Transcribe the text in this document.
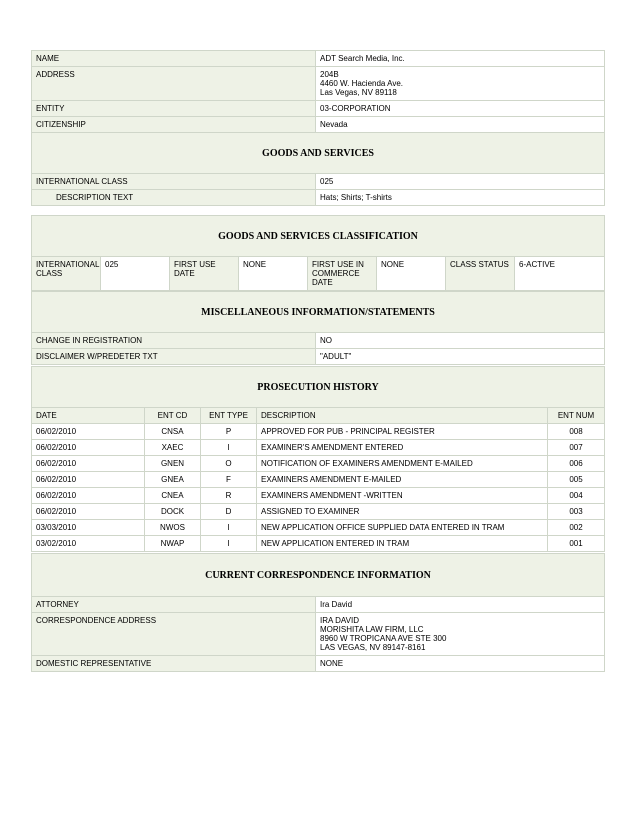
NAME	ADT Search Media, Inc.
ADDRESS	204B
4460 W. Hacienda Ave.
Las Vegas, NV 89118

ENTITY	03-CORPORATION
CITIZENSHIP	Nevada
GOODS AND SERVICES	
INTERNATIONAL CLASS	025
DESCRIPTION TEXT	Hats; Shirts; T-shirts
GOODS AND SERVICES CLASSIFICATION
INTERNATIONAL CLASS	025	FIRST USE DATE	NONE	FIRST USE IN COMMERCE DATE	NONE	CLASS STATUS	6-ACTIVE
MISCELLANEOUS INFORMATION/STATEMENTS	
CHANGE IN REGISTRATION	NO
DISCLAIMER W/PREDETER TXT	"ADULT"
PROSECUTION HISTORY				
DATE	ENT CD	ENT TYPE	DESCRIPTION	ENT NUM
06/02/2010	CNSA	P	APPROVED FOR PUB - PRINCIPAL REGISTER	008
06/02/2010	XAEC	I	EXAMINER'S AMENDMENT ENTERED	007
06/02/2010	GNEN	O	NOTIFICATION OF EXAMINERS AMENDMENT E-MAILED	006
06/02/2010	GNEA	F	EXAMINERS AMENDMENT E-MAILED	005
06/02/2010	CNEA	R	EXAMINERS AMENDMENT -WRITTEN	004
06/02/2010	DOCK	D	ASSIGNED TO EXAMINER	003
03/03/2010	NWOS	I	NEW APPLICATION OFFICE SUPPLIED DATA ENTERED IN TRAM	002
03/02/2010	NWAP	I	NEW APPLICATION ENTERED IN TRAM	001
CURRENT CORRESPONDENCE INFORMATION	
ATTORNEY	Ira David
CORRESPONDENCE ADDRESS	IRA DAVID
MORISHITA LAW FIRM, LLC
8960 W TROPICANA AVE STE 300
LAS VEGAS, NV 89147-8161

DOMESTIC REPRESENTATIVE	NONE
